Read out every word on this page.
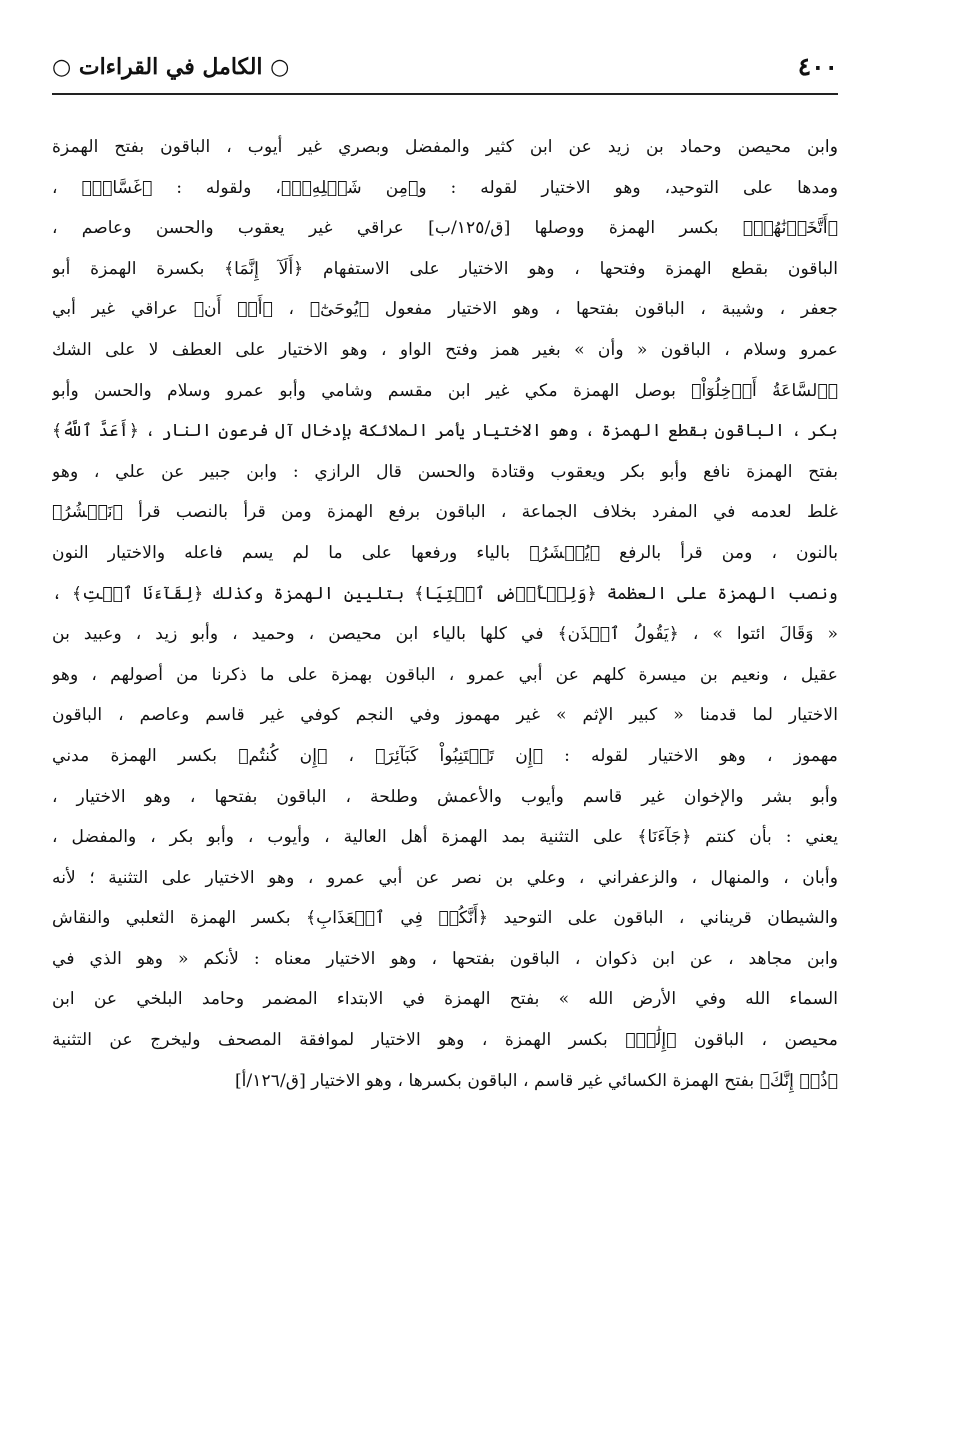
٤٠٠
○ الكامل في القراءات ○
وابن محيصن وحماد بن زيد عن ابن كثير والمفضل وبصري غير أيوب ، الباقون بفتح الهمزة
ومدها على التوحيد، وهو الاختيار لقوله : و﴿مِن شَكۡلِهِۦٓ﴾، ولقوله : ﴿غَسَّاقٞ﴾ ،
﴿أَتَّخَذۡنَٰهُمۡ﴾ بكسر الهمزة ووصلها [ق/١٢٥/ب] عراقي غير يعقوب والحسن وعاصم ،
الباقون بقطع الهمزة وفتحها ، وهو الاختيار على الاستفهام ﴿أَلَآ إِنَّمَا﴾ بكسرة الهمزة أبو
جعفر ، وشيبة ، الباقون بفتحها ، وهو الاختيار مفعول ﴿يُوحَىٰٓ﴾ ، ﴿أَوۡ أَن﴾ عراقي غير أبي
عمرو وسلام ، الباقون « وأن » بغير همز وفتح الواو ، وهو الاختيار على العطف لا على الشك
﴿ٱلسَّاعَةُ أَدۡخِلُوٓاْ﴾ بوصل الهمزة مكي غير ابن مقسم وشامي وأبو عمرو وسلام والحسن وأبو
بكر ، الباقون بقطع الهمزة ، وهو الاختيار يأمر الملائكة بإدخال آل فرعون النار ، ﴿أَعَدَّ ٱللَّهُ﴾
بفتح الهمزة نافع وأبو بكر ويعقوب وقتادة والحسن قال الرازي : وابن جبير عن علي ، وهو
غلط لعدمه في المفرد بخلاف الجماعة ، الباقون برفع الهمزة ومن قرأ بالنصب قرأ ﴿نَحۡشُرُ﴾
بالنون ، ومن قرأ بالرفع ﴿يُحۡشَرُ﴾ بالياء ورفعها على ما لم يسم فاعله والاختيار النون
ونصب الهمزة على العظمة ﴿وَلِلۡأَرۡضِ ٱئۡتِيَا﴾ بتليين الهمزة وكذلك ﴿لِقَآءَنَا ٱئۡتِ﴾ ،
« وَقَالَ ائتوا » ، ﴿يَقُولُ ٱئۡذَن﴾ في كلها بالياء ابن محيصن ، وحميد ، وأبو زيد ، وعبيد بن
عقيل ، ونعيم بن ميسرة كلهم عن أبي عمرو ، الباقون بهمزة على ما ذكرنا من أصولهم ، وهو
الاختيار لما قدمنا « كبير الإثم » غير مهموز وفي النجم كوفي غير قاسم وعاصم ، الباقون
مهموز ، وهو الاختيار لقوله : ﴿إِن تَجۡتَنِبُواْ كَبَآئِرَ﴾ ، ﴿إِن كُنتُم﴾ بكسر الهمزة مدني
وأبو بشر والإخوان غير قاسم وأيوب والأعمش وطلحة ، الباقون بفتحها ، وهو الاختيار ،
يعني : بأن كنتم ﴿جَآءَنَا﴾ على التثنية بمد الهمزة أهل العالية ، وأيوب ، وأبو بكر ، والمفضل ،
وأبان ، والمنهال ، والزعفراني ، وعلي بن نصر عن أبي عمرو ، وهو الاختيار على التثنية ؛ لأنه
والشيطان قريناني ، الباقون على التوحيد ﴿أَنَّكُمۡ فِي ٱلۡعَذَابِ﴾ بكسر الهمزة الثعلبي والنقاش
وابن مجاهد ، عن ابن ذكوان ، الباقون بفتحها ، وهو الاختيار معناه : لأنكم « وهو الذي في
السماء الله وفي الأرض الله » بفتح الهمزة في الابتداء المضمر وحامد البلخي عن ابن
محيصن ، الباقون ﴿إِلَٰهٞ﴾ بكسر الهمزة ، وهو الاختيار لموافقة المصحف وليخرج عن التثنية
﴿ذُقۡ إِنَّكَ﴾ بفتح الهمزة الكسائي غير قاسم ، الباقون بكسرها ، وهو الاختيار [ق/١٢٦/أ]
